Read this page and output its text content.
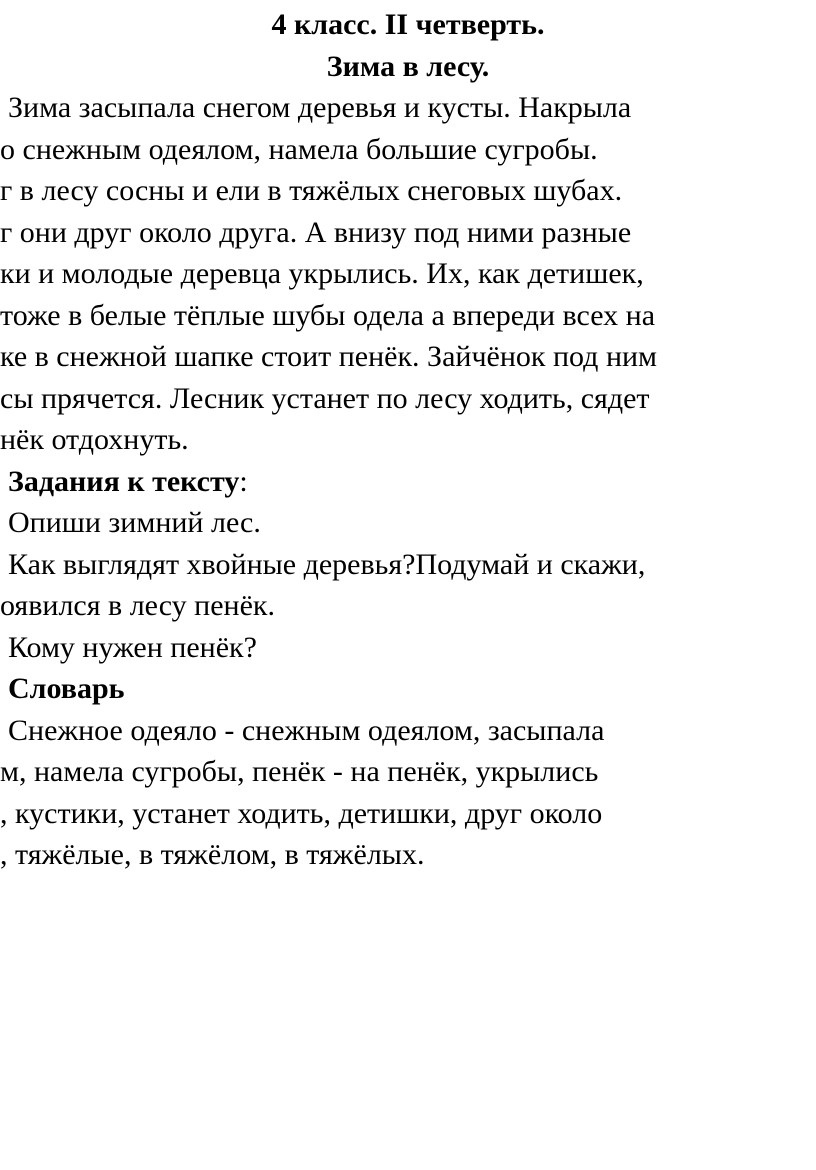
4 класс. II четверть.
Зима в лесу.
Зима засыпала снегом деревья и кусты. Накрыла
о снежным одеялом, намела большие сугробы.
г в лесу сосны и ели в тяжёлых снеговых шубах.
г они друг около друга. А внизу под ними разные
ки и молодые деревца укрылись. Их, как детишек,
тоже в белые тёплые шубы одела а впереди всех на
ке в снежной шапке стоит пенёк. Зайчёнок под ним
сы прячется. Лесник устанет по лесу ходить, сядет
нёк отдохнуть.
Задания к тексту:
Опиши зимний лес.
Как выглядят хвойные деревья?Подумай и скажи,
оявился в лесу пенёк.
Кому нужен пенёк?
Словарь
Снежное одеяло - снежным одеялом, засыпала
м, намела сугробы, пенёк - на пенёк, укрылись
, кустики, устанет ходить, детишки, друг около
, тяжёлые, в тяжёлом, в тяжёлых.
